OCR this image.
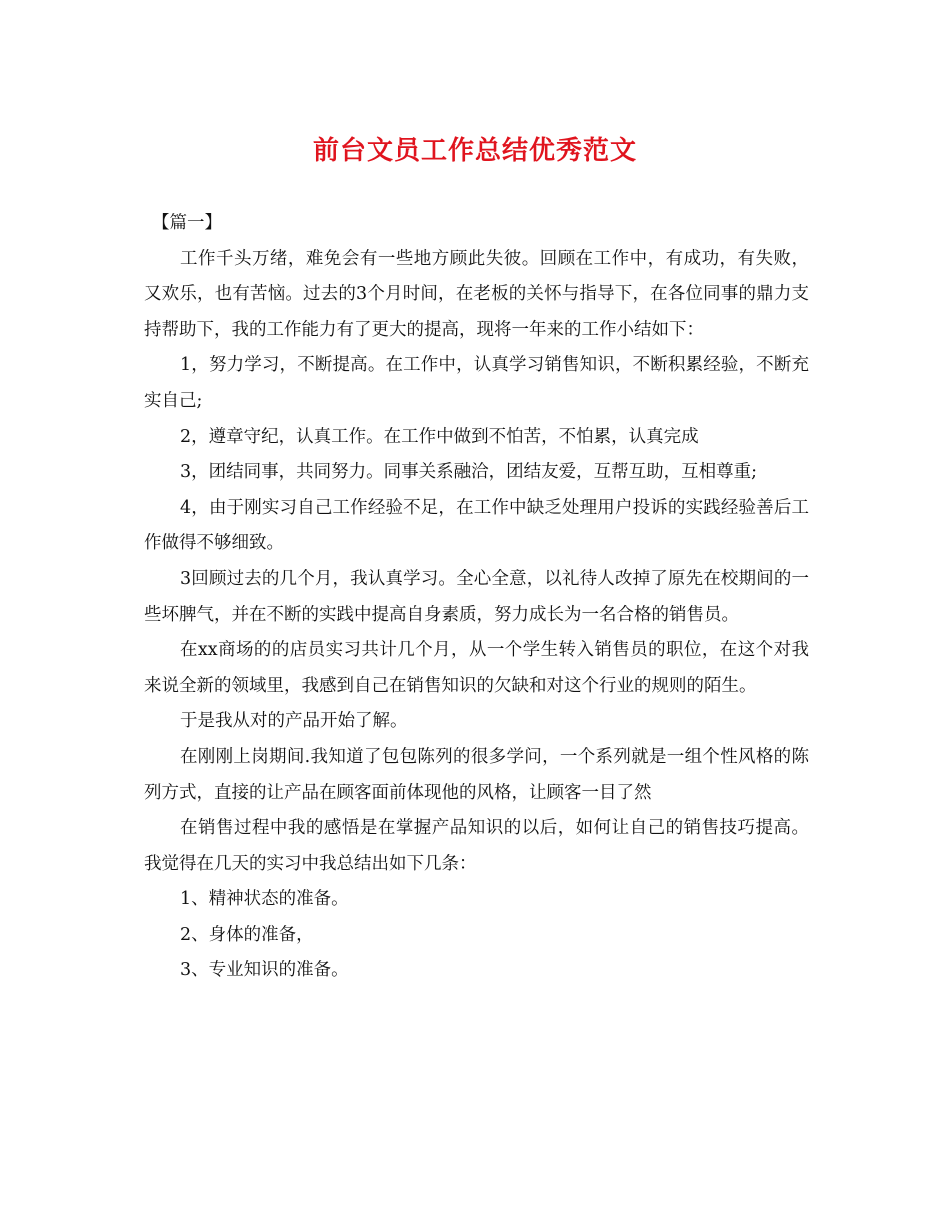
前台文员工作总结优秀范文

【篇一】

工作千头万绪，难免会有一些地方顾此失彼。回顾在工作中，有成功，有失败，又欢乐，也有苦恼。过去的3个月时间，在老板的关怀与指导下，在各位同事的鼎力支持帮助下，我的工作能力有了更大的提高，现将一年来的工作小结如下：

1，努力学习，不断提高。在工作中，认真学习销售知识，不断积累经验，不断充实自己;

2，遵章守纪，认真工作。在工作中做到不怕苦，不怕累，认真完成

3，团结同事，共同努力。同事关系融洽，团结友爱，互帮互助，互相尊重;

4，由于刚实习自己工作经验不足，在工作中缺乏处理用户投诉的实践经验善后工作做得不够细致。

3回顾过去的几个月，我认真学习。全心全意，以礼待人改掉了原先在校期间的一些坏脾气，并在不断的实践中提高自身素质，努力成长为一名合格的销售员。

在xx商场的的店员实习共计几个月，从一个学生转入销售员的职位，在这个对我来说全新的领域里，我感到自己在销售知识的欠缺和对这个行业的规则的陌生。

于是我从对的产品开始了解。

在刚刚上岗期间.我知道了包包陈列的很多学问，一个系列就是一组个性风格的陈列方式，直接的让产品在顾客面前体现他的风格，让顾客一目了然

在销售过程中我的感悟是在掌握产品知识的以后，如何让自己的销售技巧提高。我觉得在几天的实习中我总结出如下几条：

1、精神状态的准备。

2、身体的准备，

3、专业知识的准备。
